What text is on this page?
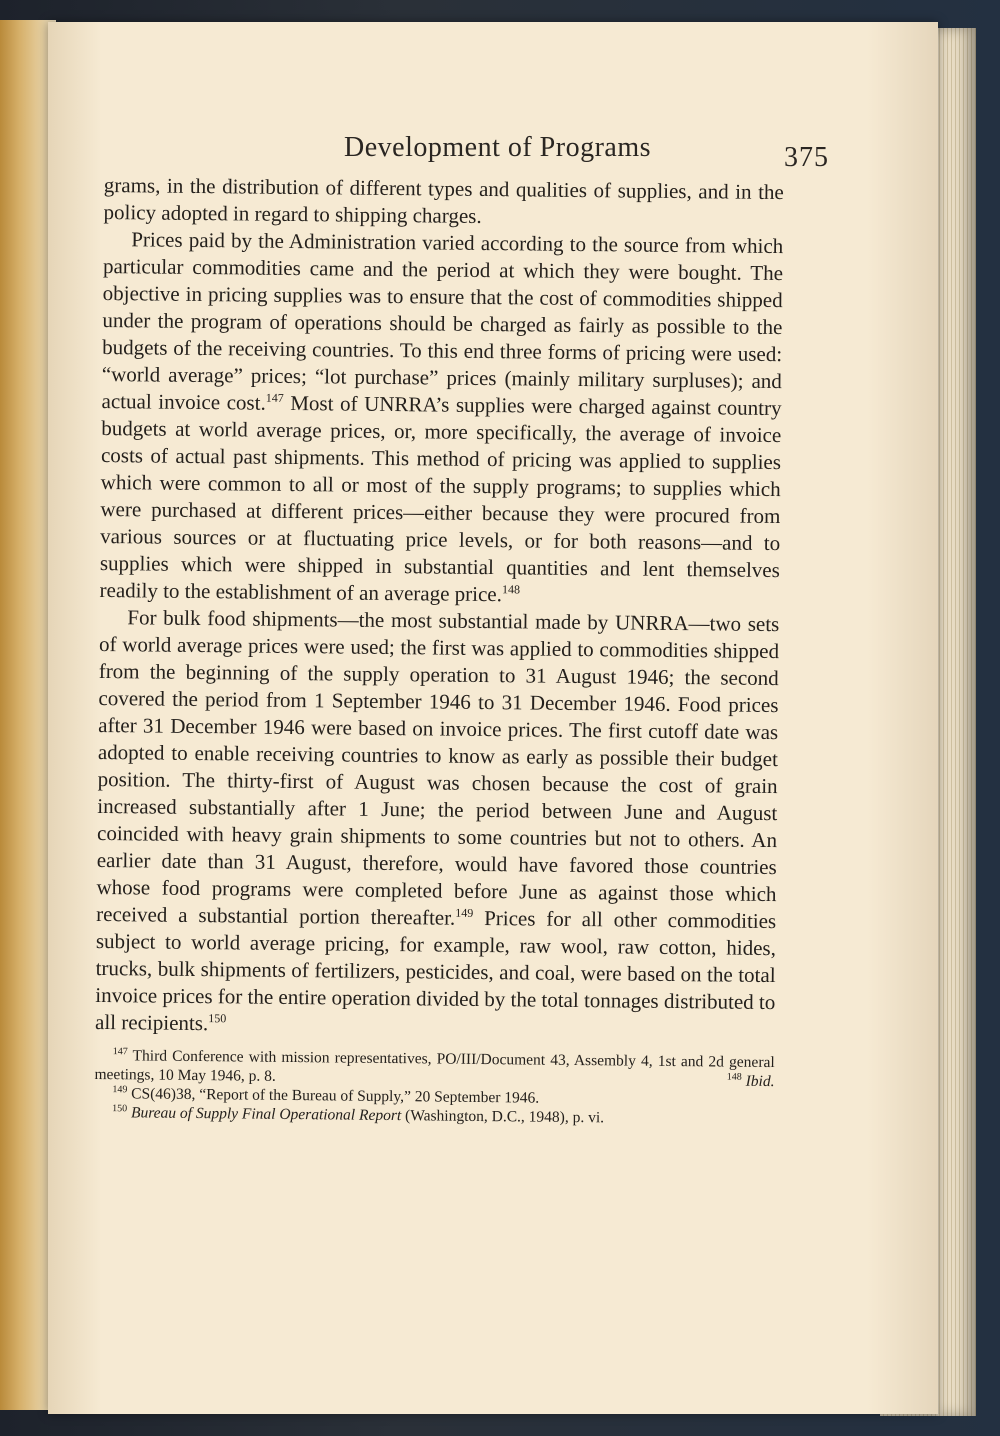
Development of Programs	375

grams, in the distribution of different types and qualities of supplies, and in the policy adopted in regard to shipping charges.

Prices paid by the Administration varied according to the source from which particular commodities came and the period at which they were bought. The objective in pricing supplies was to ensure that the cost of commodities shipped under the program of operations should be charged as fairly as possible to the budgets of the receiving countries. To this end three forms of pricing were used: “world average” prices; “lot purchase” prices (mainly military surpluses); and actual invoice cost.$^{147}$ Most of UNRRA’s supplies were charged against country budgets at world average prices, or, more specifically, the average of invoice costs of actual past shipments. This method of pricing was applied to supplies which were common to all or most of the supply programs; to supplies which were purchased at different prices—either because they were procured from various sources or at fluctuating price levels, or for both reasons—and to supplies which were shipped in substantial quantities and lent themselves readily to the establishment of an average price.$^{148}$

For bulk food shipments—the most substantial made by UNRRA—two sets of world average prices were used; the first was applied to commodities shipped from the beginning of the supply operation to 31 August 1946; the second covered the period from 1 September 1946 to 31 December 1946. Food prices after 31 December 1946 were based on invoice prices. The first cutoff date was adopted to enable receiving countries to know as early as possible their budget position. The thirty-first of August was chosen because the cost of grain increased substantially after 1 June; the period between June and August coincided with heavy grain shipments to some countries but not to others. An earlier date than 31 August, therefore, would have favored those countries whose food programs were completed before June as against those which received a substantial portion thereafter.$^{149}$ Prices for all other commodities subject to world average pricing, for example, raw wool, raw cotton, hides, trucks, bulk shipments of fertilizers, pesticides, and coal, were based on the total invoice prices for the entire operation divided by the total tonnages distributed to all recipients.$^{150}$

$^{147}$ Third Conference with mission representatives, PO/III/Document 43, Assembly 4, 1st and 2d general meetings, 10 May 1946, p. 8.	$^{148}$ Ibid.

$^{149}$ CS(46)38, “Report of the Bureau of Supply,” 20 September 1946.

$^{150}$ Bureau of Supply Final Operational Report (Washington, D.C., 1948), p. vi.
